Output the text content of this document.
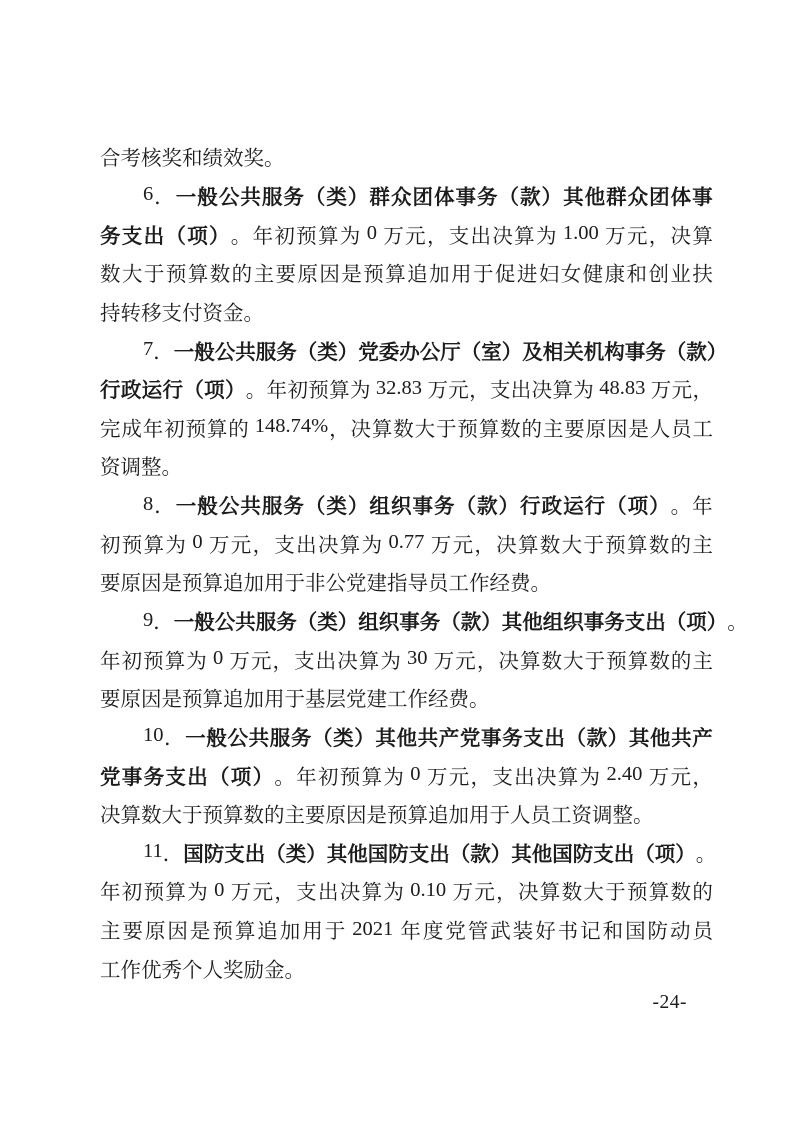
合 考 核 奖 和 绩 效 奖 。
6 ． 一 般 公 共 服 务 （ 类 ） 群 众 团 体 事 务 （ 款 ） 其 他 群 众 团 体 事
务 支 出 （ 项 ） 。 年 初 预 算 为 0 万 元 ， 支 出 决 算 为 1.00 万 元 ， 决 算
数 大 于 预 算 数 的 主 要 原 因 是 预 算 追 加 用 于 促 进 妇 女 健 康 和 创 业 扶
持 转 移 支 付 资 金 。
7 ． 一 般 公 共 服 务 （ 类 ） 党 委 办 公 厅 （ 室 ） 及 相 关 机 构 事 务 （ 款 ）
行 政 运 行 （ 项 ） 。 年 初 预 算 为 32.83 万 元 ， 支 出 决 算 为 48.83 万 元 ，
完 成 年 初 预 算 的 148.74% ， 决 算 数 大 于 预 算 数 的 主 要 原 因 是 人 员 工
资 调 整 。
8 ． 一 般 公 共 服 务 （ 类 ） 组 织 事 务 （ 款 ） 行 政 运 行 （ 项 ） 。 年
初 预 算 为 0 万 元 ， 支 出 决 算 为 0.77 万 元 ， 决 算 数 大 于 预 算 数 的 主
要 原 因 是 预 算 追 加 用 于 非 公 党 建 指 导 员 工 作 经 费 。
9 ． 一 般 公 共 服 务 （ 类 ） 组 织 事 务 （ 款 ） 其 他 组 织 事 务 支 出 （ 项 ） 。
年 初 预 算 为 0 万 元 ， 支 出 决 算 为 30 万 元 ， 决 算 数 大 于 预 算 数 的 主
要 原 因 是 预 算 追 加 用 于 基 层 党 建 工 作 经 费 。
10 ． 一 般 公 共 服 务 （ 类 ） 其 他 共 产 党 事 务 支 出 （ 款 ） 其 他 共 产
党 事 务 支 出 （ 项 ） 。 年 初 预 算 为 0 万 元 ， 支 出 决 算 为 2.40 万 元 ，
决 算 数 大 于 预 算 数 的 主 要 原 因 是 预 算 追 加 用 于 人 员 工 资 调 整 。
11 ． 国 防 支 出 （ 类 ） 其 他 国 防 支 出 （ 款 ） 其 他 国 防 支 出 （ 项 ） 。
年 初 预 算 为 0 万 元 ， 支 出 决 算 为 0.10 万 元 ， 决 算 数 大 于 预 算 数 的
主 要 原 因 是 预 算 追 加 用 于 2021 年 度 党 管 武 装 好 书 记 和 国 防 动 员
工 作 优 秀 个 人 奖 励 金 。
-24-
